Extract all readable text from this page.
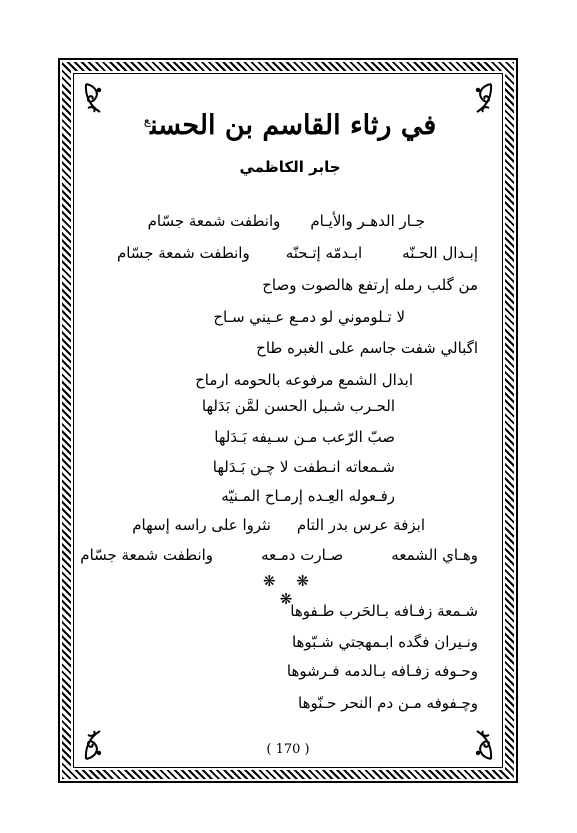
في رثاء القاسم بن الحسن$^ع$
جابر الكاظمي
جـار الدهـر والأيـاموانطفت شمعة جسّام
إبـدال الحـنّهابـدمّه إتـحنّهوانطفت شمعة جسّام
من گلب رمله إرتفع هالصوت وصاح
لا تـلوموني لو دمـع عـيني سـاح
اگبالي شفت جاسم على الغبره طاح
ابدال الشمع مرفوعه بالحومه ارماح
الحـرب شـبل الحسن لمَّن بَدَلها
صبّ الرّعب مـن سـيفه بَـدَلها
شـمعاته انـطفت لا چـن بَـدَلها
رفـعوله العِـده إرمـاح المـنيّه
ابزفة عرس بدر التامنثروا على راسه إسهام
وهـاي الشمعهصـارت دمـعهوانطفت شمعة جسّام
❋ ❋ ❋
شـمعة زفـافه بـالحَرب طـفوها
ونـيران فگده ابـمهجتي شـبّوها
وحـوفه زفـافه بـالدمه فـرشوها
وچـفوفه مـن دم النحر حـنّوها
( 170 )
